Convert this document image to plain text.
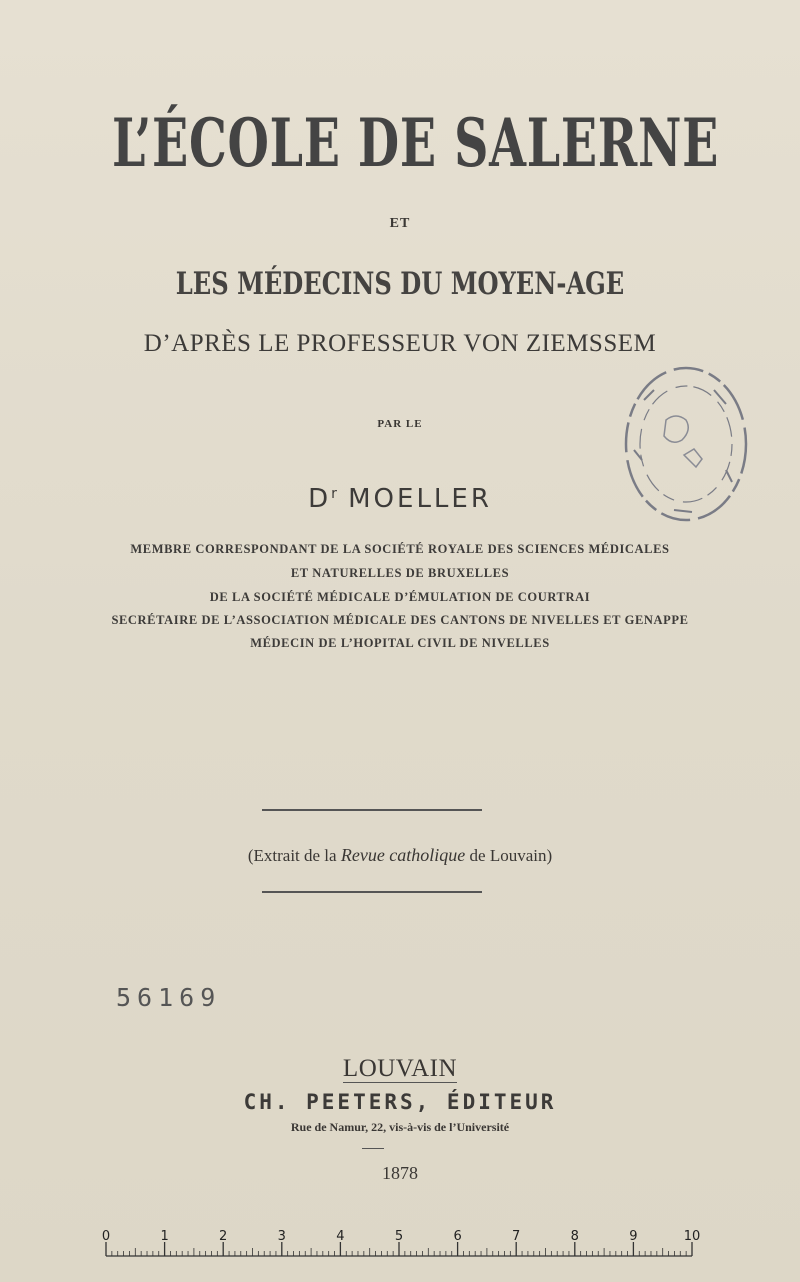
L’ÉCOLE DE SALERNE
ET
LES MÉDECINS DU MOYEN-AGE
D’APRÈS LE PROFESSEUR VON ZIEMSSEM
PAR LE
$D^r$ MOELLER
MEMBRE CORRESPONDANT DE LA SOCIÉTÉ ROYALE DES SCIENCES MÉDICALES
ET NATURELLES DE BRUXELLES
DE LA SOCIÉTÉ MÉDICALE D’ÉMULATION DE COURTRAI
SECRÉTAIRE DE L’ASSOCIATION MÉDICALE DES CANTONS DE NIVELLES ET GENAPPE
MÉDECIN DE L’HOPITAL CIVIL DE NIVELLES
(Extrait de la Revue catholique de Louvain)
56169
LOUVAIN
CH. PEETERS, ÉDITEUR
Rue de Namur, 22, vis-à-vis de l’Université
1878
0	1	2	3	4	5	6	7	8	9	10
